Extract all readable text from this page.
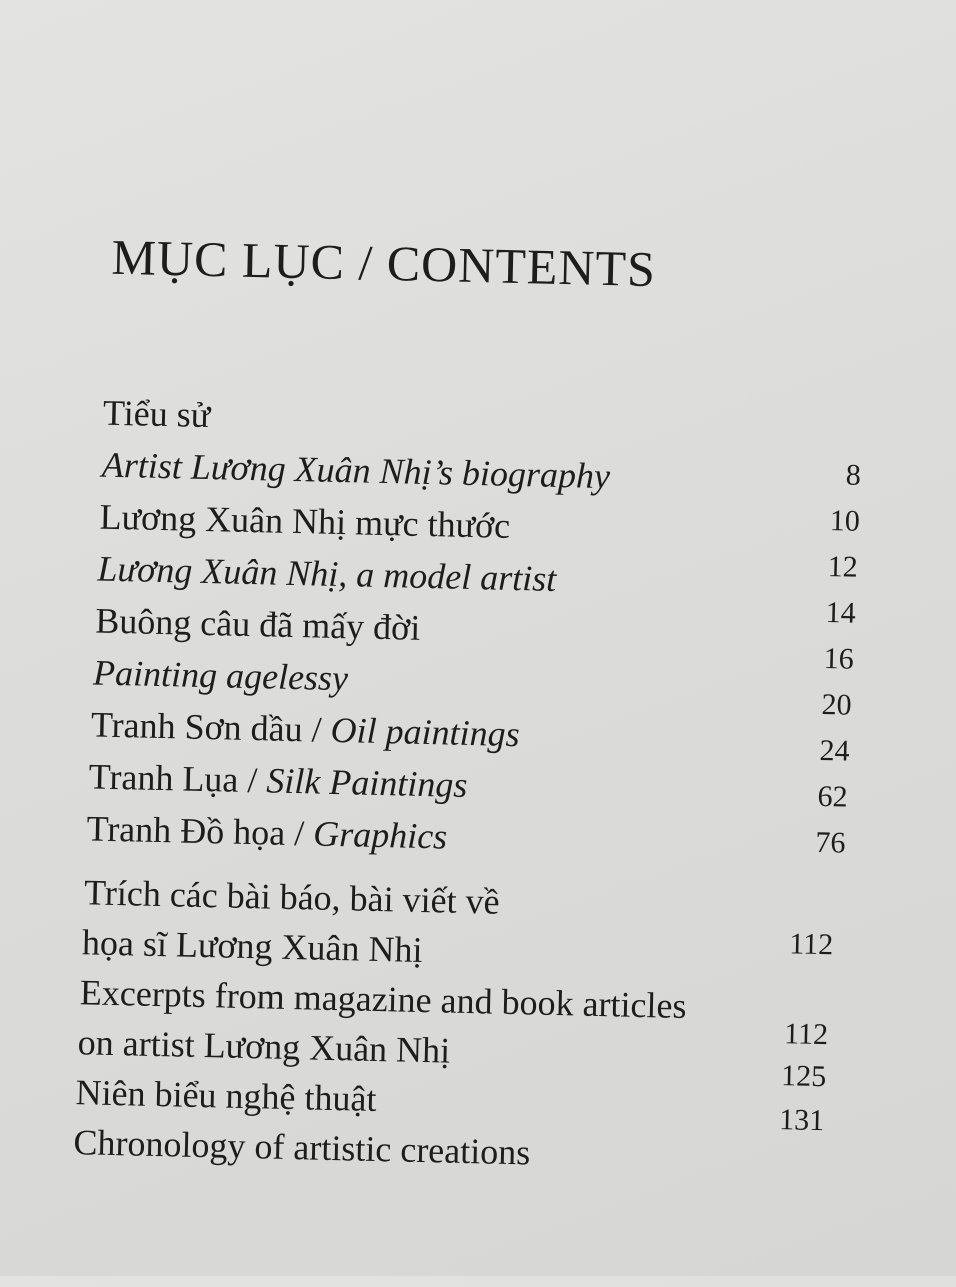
MỤC LỤC / CONTENTS
Tiểu sử
Artist Lương Xuân Nhị’s biography
Lương Xuân Nhị mực thước
Lương Xuân Nhị, a model artist
Buông câu đã mấy đời
Painting agelessy
Tranh Sơn dầu / Oil paintings
Tranh Lụa / Silk Paintings
Tranh Đồ họa / Graphics
Trích các bài báo, bài viết về
họa sĩ Lương Xuân Nhị
Excerpts from magazine and book articles
on artist Lương Xuân Nhị
Niên biểu nghệ thuật
Chronology of artistic creations
8
10
12
14
16
20
24
62
76
112
112
125
131
